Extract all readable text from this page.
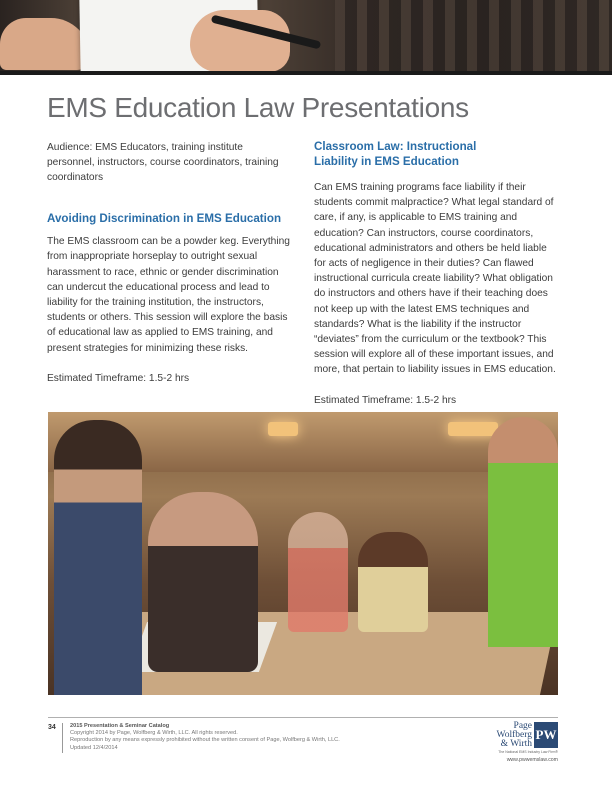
EMS Education Law Presentations

Audience: EMS Educators, training institute personnel, instructors, course coordinators, training coordinators

Avoiding Discrimination in EMS Education

The EMS classroom can be a powder keg. Everything from inappropriate horseplay to outright sexual harassment to race, ethnic or gender discrimination can undercut the educational process and lead to liability for the training institution, the instructors, students or others. This session will explore the basis of educational law as applied to EMS training, and present strategies for minimizing these risks.

Estimated Timeframe: 1.5-2 hrs

Classroom Law: Instructional
Liability in EMS Education

Can EMS training programs face liability if their students commit malpractice? What legal standard of care, if any, is applicable to EMS training and education? Can instructors, course coordinators, educational administrators and others be held liable for acts of negligence in their duties? Can flawed instructional curricula create liability? What obligation do instructors and others have if their teaching does not keep up with the latest EMS techniques and standards? What is the liability if the instructor “deviates” from the curriculum or the textbook? This session will explore all of these important issues, and more, that pertain to liability issues in EMS education.

Estimated Timeframe: 1.5-2 hrs

34	2015 Presentation & Seminar Catalog
Copyright 2014 by Page, Wolfberg & Wirth, LLC. All rights reserved.
Reproduction by any means expressly prohibited without the written consent of Page, Wolfberg & Wirth, LLC.
Updated 12/4/2014
Page
Wolfberg
& Wirth
PW
The National EMS Industry Law Firm®
www.pwwemslaw.com
